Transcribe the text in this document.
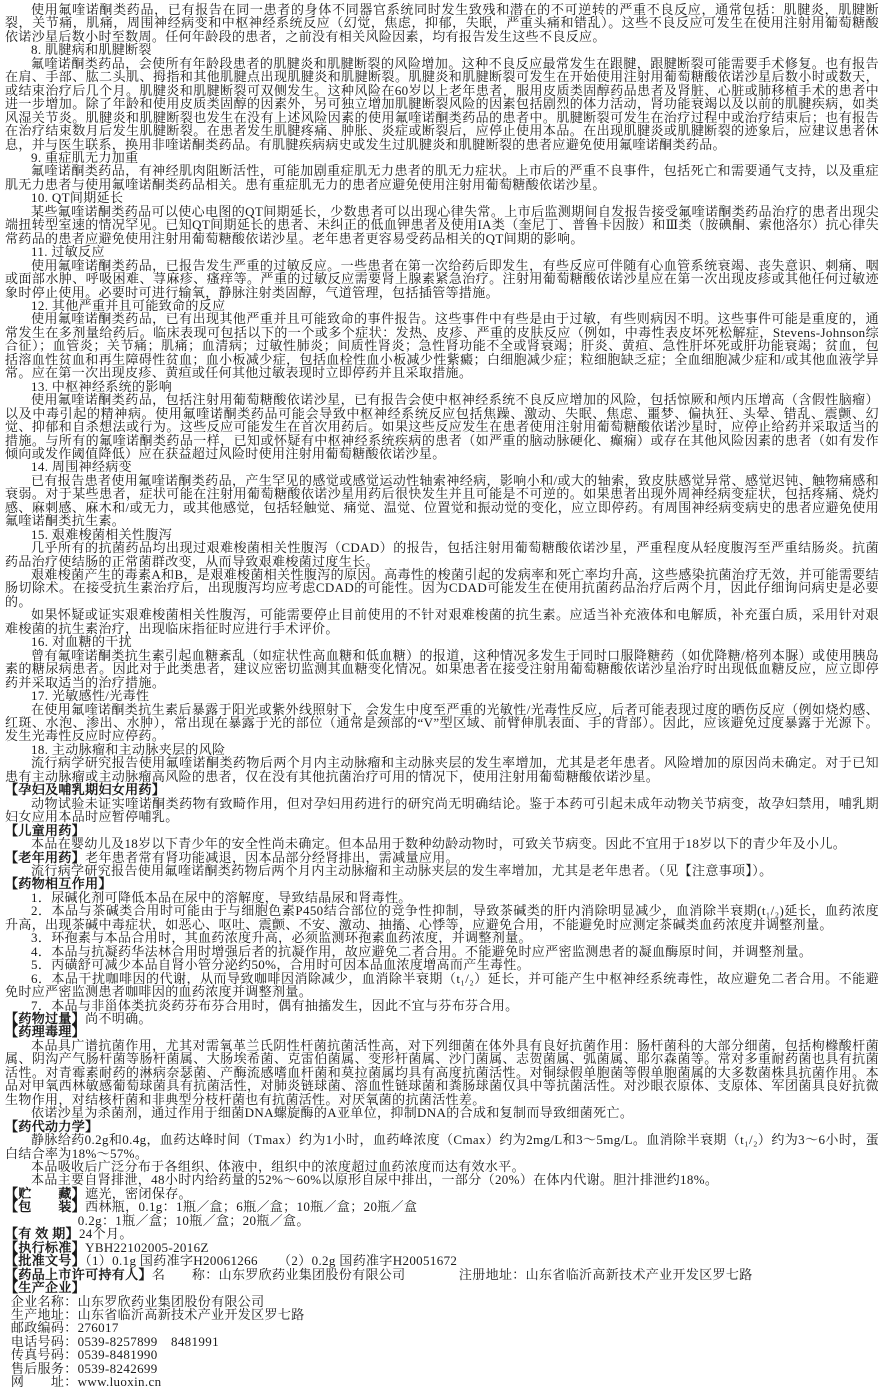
使用氟喹诺酮类药品，已有报告在同一患者的身体不同器官系统同时发生致残和潜在的不可逆转的严重不良反应，通常包括：肌腱炎，肌腱断裂，关节痛，肌痛，周围神经病变和中枢神经系统反应（幻觉，焦虑，抑郁，失眠，严重头痛和错乱）。这些不良反应可发生在使用注射用葡萄糖酸依诺沙星后数小时至数周。任何年龄段的患者，之前没有相关风险因素，均有报告发生这些不良反应。
8. 肌腱病和肌腱断裂
氟喹诺酮类药品，会使所有年龄段患者的肌腱炎和肌腱断裂的风险增加。这种不良反应最常发生在跟腱，跟腱断裂可能需要手术修复。也有报告在肩、手部、肱二头肌、拇指和其他肌腱点出现肌腱炎和肌腱断裂。肌腱炎和肌腱断裂可发生在开始使用注射用葡萄糖酸依诺沙星后数小时或数天，或结束治疗后几个月。肌腱炎和肌腱断裂可双侧发生。这种风险在60岁以上老年患者，服用皮质类固醇药品患者及肾脏、心脏或肺移植手术的患者中进一步增加。除了年龄和使用皮质类固醇的因素外，另可独立增加肌腱断裂风险的因素包括剧烈的体力活动，肾功能衰竭以及以前的肌腱疾病，如类风湿关节炎。肌腱炎和肌腱断裂也发生在没有上述风险因素的使用氟喹诺酮类药品的患者中。肌腱断裂可发生在治疗过程中或治疗结束后；也有报告在治疗结束数月后发生肌腱断裂。在患者发生肌腱疼痛、肿胀、炎症或断裂后，应停止使用本品。在出现肌腱炎或肌腱断裂的迹象后，应建议患者休息，并与医生联系，换用非喹诺酮类药品。有肌腱疾病病史或发生过肌腱炎和肌腱断裂的患者应避免使用氟喹诺酮类药品。
9. 重症肌无力加重
氟喹诺酮类药品，有神经肌肉阻断活性，可能加剧重症肌无力患者的肌无力症状。上市后的严重不良事件，包括死亡和需要通气支持，以及重症肌无力患者与使用氟喹诺酮类药品相关。患有重症肌无力的患者应避免使用注射用葡萄糖酸依诺沙星。
10. QT间期延长
某些氟喹诺酮类药品可以使心电图的QT间期延长，少数患者可以出现心律失常。上市后监测期间自发报告接受氟喹诺酮类药品治疗的患者出现尖端扭转型室速的情况罕见。已知QT间期延长的患者、未纠正的低血钾患者及使用IA类（奎尼丁、普鲁卡因胺）和Ⅲ类（胺碘酮、索他洛尔）抗心律失常药品的患者应避免使用注射用葡萄糖酸依诺沙星。老年患者更容易受药品相关的QT间期的影响。
11. 过敏反应
使用氟喹诺酮类药品，已报告发生严重的过敏反应。一些患者在第一次给药后即发生，有些反应可伴随有心血管系统衰竭、丧失意识、刺痛、咽或面部水肿、呼吸困难、荨麻疹、瘙痒等。严重的过敏反应需要肾上腺素紧急治疗。注射用葡萄糖酸依诺沙星应在第一次出现皮疹或其他任何过敏迹象时停止使用。必要时可进行输氧，静脉注射类固醇，气道管理，包括插管等措施。
12. 其他严重并且可能致命的反应
使用氟喹诺酮类药品，已有出现其他严重并且可能致命的事件报告。这些事件中有些是由于过敏，有些则病因不明。这些事件可能是重度的，通常发生在多剂量给药后。临床表现可包括以下的一个或多个症状：发热、皮疹、严重的皮肤反应（例如，中毒性表皮坏死松解症，Stevens-Johnson综合征）；血管炎；关节痛；肌痛；血清病；过敏性肺炎；间质性肾炎；急性肾功能不全或肾衰竭；肝炎、黄疸、急性肝坏死或肝功能衰竭；贫血，包括溶血性贫血和再生障碍性贫血；血小板减少症，包括血栓性血小板减少性紫癜；白细胞减少症；粒细胞缺乏症；全血细胞减少症和/或其他血液学异常。应在第一次出现皮疹、黄疸或任何其他过敏表现时立即停药并且采取措施。
13. 中枢神经系统的影响
使用氟喹诺酮类药品，包括注射用葡萄糖酸依诺沙星，已有报告会使中枢神经系统不良反应增加的风险，包括惊厥和颅内压增高（含假性脑瘤）以及中毒引起的精神病。使用氟喹诺酮类药品可能会导致中枢神经系统反应包括焦躁、激动、失眠、焦虑、噩梦、偏执狂、头晕、错乱、震颤、幻觉、抑郁和自杀想法或行为。这些反应可能发生在首次用药后。如果这些反应发生在患者使用注射用葡萄糖酸依诺沙星时，应停止给药并采取适当的措施。与所有的氟喹诺酮类药品一样，已知或怀疑有中枢神经系统疾病的患者（如严重的脑动脉硬化、癫痫）或存在其他风险因素的患者（如有发作倾向或发作阈值降低）应在获益超过风险时使用注射用葡萄糖酸依诺沙星。
14. 周围神经病变
已有报告患者使用氟喹诺酮类药品，产生罕见的感觉或感觉运动性轴索神经病，影响小和/或大的轴索，致皮肤感觉异常、感觉迟钝、触物痛感和衰弱。对于某些患者，症状可能在注射用葡萄糖酸依诺沙星用药后很快发生并且可能是不可逆的。如果患者出现外周神经病变症状，包括疼痛、烧灼感、麻刺感、麻木和/或无力，或其他感觉，包括轻触觉、痛觉、温觉、位置觉和振动觉的变化，应立即停药。有周围神经病变病史的患者应避免使用氟喹诺酮类抗生素。
15. 艰难梭菌相关性腹泻
几乎所有的抗菌药品均出现过艰难梭菌相关性腹泻（CDAD）的报告，包括注射用葡萄糖酸依诺沙星，严重程度从轻度腹泻至严重结肠炎。抗菌药品治疗使结肠的正常菌群改变，从而导致艰难梭菌过度生长。
艰难梭菌产生的毒素A和B，是艰难梭菌相关性腹泻的原因。高毒性的梭菌引起的发病率和死亡率均升高，这些感染抗菌治疗无效，并可能需要结肠切除术。在接受抗生素治疗后，出现腹泻均应考虑CDAD的可能性。因为CDAD可能发生在使用抗菌药品治疗后两个月，因此仔细询问病史是必要的。
如果怀疑或证实艰难梭菌相关性腹泻，可能需要停止目前使用的不针对艰难梭菌的抗生素。应适当补充液体和电解质，补充蛋白质，采用针对艰难梭菌的抗生素治疗，出现临床指征时应进行手术评价。
16. 对血糖的干扰
曾有氟喹诺酮类抗生素引起血糖紊乱（如症状性高血糖和低血糖）的报道，这种情况多发生于同时口服降糖药（如优降糖/格列本脲）或使用胰岛素的糖尿病患者。因此对于此类患者，建议应密切监测其血糖变化情况。如果患者在接受注射用葡萄糖酸依诺沙星治疗时出现低血糖反应，应立即停药并采取适当的治疗措施。
17. 光敏感性/光毒性
在使用氟喹诺酮类抗生素后暴露于阳光或紫外线照射下，会发生中度至严重的光敏性/光毒性反应，后者可能表现过度的晒伤反应（例如烧灼感、红斑、水泡、渗出、水肿），常出现在暴露于光的部位（通常是颈部的“V”型区域、前臂伸肌表面、手的背部）。因此，应该避免过度暴露于光源下。发生光毒性反应时应停药。
18. 主动脉瘤和主动脉夹层的风险
流行病学研究报告使用氟喹诺酮类药物后两个月内主动脉瘤和主动脉夹层的发生率增加，尤其是老年患者。风险增加的原因尚未确定。对于已知患有主动脉瘤或主动脉瘤高风险的患者，仅在没有其他抗菌治疗可用的情况下，使用注射用葡萄糖酸依诺沙星。
【孕妇及哺乳期妇女用药】
动物试验未证实喹诺酮类药物有致畸作用，但对孕妇用药进行的研究尚无明确结论。鉴于本药可引起未成年动物关节病变，故孕妇禁用，哺乳期妇女应用本品时应暂停哺乳。
【儿童用药】
本品在婴幼儿及18岁以下青少年的安全性尚未确定。但本品用于数种幼龄动物时，可致关节病变。因此不宜用于18岁以下的青少年及小儿。
【老年用药】老年患者常有肾功能减退，因本品部分经肾排出，需减量应用。
流行病学研究报告使用氟喹诺酮类药物后两个月内主动脉瘤和主动脉夹层的发生率增加，尤其是老年患者。（见【注意事项】）。
【药物相互作用】
1．尿碱化剂可降低本品在尿中的溶解度，导致结晶尿和肾毒性。
2．本品与茶碱类合用时可能由于与细胞色素P450结合部位的竞争性抑制，导致茶碱类的肝内消除明显减少，血消除半衰期(t₁/₂)延长，血药浓度升高，出现茶碱中毒症状，如恶心、呕吐、震颤、不安、激动、抽搐、心悸等，应避免合用，不能避免时应测定茶碱类血药浓度并调整剂量。
3．环孢素与本品合用时，其血药浓度升高，必须监测环孢素血药浓度，并调整剂量。
4．本品与抗凝药华法林合用时增强后者的抗凝作用，故应避免二者合用。不能避免时应严密监测患者的凝血酶原时间，并调整剂量。
5．丙磺舒可减少本品自肾小管分泌约50%，合用时可因本品血浓度增高而产生毒性。
6．本品干扰咖啡因的代谢，从而导致咖啡因消除减少，血消除半衰期（t₁/₂）延长，并可能产生中枢神经系统毒性，故应避免二者合用。不能避免时应严密监测患者咖啡因的血药浓度并调整剂量。
7．本品与非甾体类抗炎药芬布芬合用时，偶有抽搐发生，因此不宜与芬布芬合用。
【药物过量】尚不明确。
【药理毒理】
本品具广谱抗菌作用，尤其对需氧革兰氏阴性杆菌抗菌活性高，对下列细菌在体外具有良好抗菌作用：肠杆菌科的大部分细菌，包括枸橼酸杆菌属、阴沟产气肠杆菌等肠杆菌属、大肠埃希菌、克雷伯菌属、变形杆菌属、沙门菌属、志贺菌属、弧菌属、耶尔森菌等。常对多重耐药菌也具有抗菌活性。对青霉素耐药的淋病奈瑟菌、产酶流感嗜血杆菌和莫拉菌属均具有高度抗菌活性。对铜绿假单胞菌等假单胞菌属的大多数菌株具抗菌作用。本品对甲氧西林敏感葡萄球菌具有抗菌活性，对肺炎链球菌、溶血性链球菌和粪肠球菌仅具中等抗菌活性。对沙眼衣原体、支原体、军团菌具良好抗微生物作用，对结核杆菌和非典型分枝杆菌也有抗菌活性。对厌氧菌的抗菌活性差。
依诺沙星为杀菌剂，通过作用于细菌DNA螺旋酶的A亚单位，抑制DNA的合成和复制而导致细菌死亡。
【药代动力学】
静脉给药0.2g和0.4g，血药达峰时间（Tmax）约为1小时，血药峰浓度（Cmax）约为2mg/L和3～5mg/L。血消除半衰期（t₁/₂）约为3～6小时，蛋白结合率为18%～57%。
本品吸收后广泛分布于各组织、体液中，组织中的浓度超过血药浓度而达有效水平。
本品主要自肾排泄，48小时内给药量的52%～60%以原形自尿中排出，一部分（20%）在体内代谢。胆汁排泄约18%。
【贮　　藏】遮光，密闭保存。
【包　　装】西林瓶，0.1g：1瓶／盒；6瓶／盒；10瓶／盒；20瓶／盒
0.2g：1瓶／盒；10瓶／盒；20瓶／盒。
【有 效 期】24个月。
【执行标准】YBH22102005-2016Z
【批准文号】（1）0.1g 国药准字H20061266　　（2）0.2g 国药准字H20051672
【药品上市许可持有人】名　　称：山东罗欣药业集团股份有限公司　　　　注册地址：山东省临沂高新技术产业开发区罗七路
【生产企业】
企业名称：山东罗欣药业集团股份有限公司
生产地址：山东省临沂高新技术产业开发区罗七路
邮政编码：276017
电话号码：0539-8257899　8481991
传真号码：0539-8481990
售后服务：0539-8242699
网　　址：www.luoxin.cn
